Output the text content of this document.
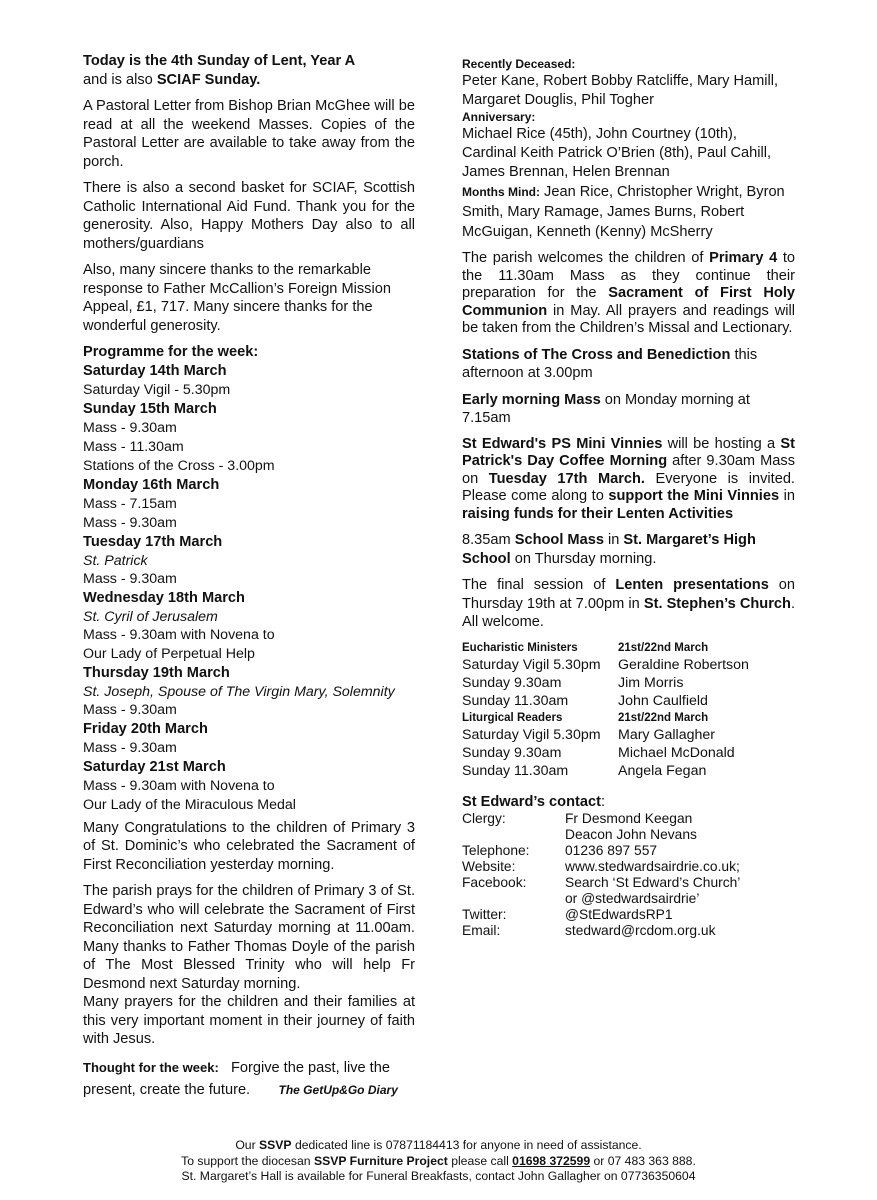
Today is the 4th Sunday of Lent, Year A

and is also SCIAF Sunday.

A Pastoral Letter from Bishop Brian McGhee will be read at all the weekend Masses. Copies of the Pastoral Letter are available to take away from the porch.

There is also a second basket for SCIAF, Scottish Catholic International Aid Fund. Thank you for the generosity. Also, Happy Mothers Day also to all mothers/guardians

Also, many sincere thanks to the remarkable response to Father McCallion’s Foreign Mission Appeal, £1, 717. Many sincere thanks for the wonderful generosity.

Programme for the week:

Saturday 14th March
Saturday Vigil - 5.30pm
Sunday 15th March
Mass - 9.30am
Mass - 11.30am
Stations of the Cross - 3.00pm
Monday 16th March
Mass - 7.15am
Mass - 9.30am
Tuesday 17th March
St. Patrick
Mass - 9.30am
Wednesday 18th March
St. Cyril of Jerusalem
Mass - 9.30am with Novena to
Our Lady of Perpetual Help
Thursday 19th March
St. Joseph, Spouse of The Virgin Mary, Solemnity
Mass - 9.30am
Friday 20th March
Mass - 9.30am
Saturday 21st March
Mass - 9.30am with Novena to
Our Lady of the Miraculous Medal

Many Congratulations to the children of Primary 3 of St. Dominic’s who celebrated the Sacrament of First Reconciliation yesterday morning.

The parish prays for the children of Primary 3 of St. Edward’s who will celebrate the Sacrament of First Reconciliation next Saturday morning at 11.00am. Many thanks to Father Thomas Doyle of the parish of The Most Blessed Trinity who will help Fr Desmond next Saturday morning.

Many prayers for the children and their families at this very important moment in their journey of faith with Jesus.

Thought for the week: Forgive the past, live the
present, create the future. The GetUp&Go Diary

Recently Deceased:

Peter Kane, Robert Bobby Ratcliffe, Mary Hamill, Margaret Douglis, Phil Togher

Anniversary:

Michael Rice (45th), John Courtney (10th), Cardinal Keith Patrick O’Brien (8th), Paul Cahill, James Brennan, Helen Brennan

Months Mind: Jean Rice, Christopher Wright, Byron Smith, Mary Ramage, James Burns, Robert McGuigan, Kenneth (Kenny) McSherry

The parish welcomes the children of Primary 4 to the 11.30am Mass as they continue their preparation for the Sacrament of First Holy Communion in May. All prayers and readings will be taken from the Children’s Missal and Lectionary.

Stations of The Cross and Benediction this afternoon at 3.00pm

Early morning Mass on Monday morning at 7.15am

St Edward's PS Mini Vinnies will be hosting a St Patrick's Day Coffee Morning after 9.30am Mass on Tuesday 17th March. Everyone is invited. Please come along to support the Mini Vinnies in raising funds for their Lenten Activities

8.35am School Mass in St. Margaret’s High School on Thursday morning.

The final session of Lenten presentations on Thursday 19th at 7.00pm in St. Stephen’s Church. All welcome.

Eucharistic Ministers	21st/22nd March
Saturday Vigil 5.30pm	Geraldine Robertson
Sunday 9.30am	Jim Morris
Sunday 11.30am	John Caulfield
Liturgical Readers	21st/22nd March
Saturday Vigil 5.30pm	Mary Gallagher
Sunday 9.30am	Michael McDonald
Sunday 11.30am	Angela Fegan

St Edward’s contact:

Clergy:	Fr Desmond Keegan
	Deacon John Nevans
Telephone:	01236 897 557
Website:	www.stedwardsairdrie.co.uk;
Facebook:	Search ‘St Edward’s Church’
	or @stedwardsairdrie’
Twitter:	@StEdwardsRP1
Email:	stedward@rcdom.org.uk
Our SSVP dedicated line is 07871184413 for anyone in need of assistance.
To support the diocesan SSVP Furniture Project please call 01698 372599 or 07 483 363 888.
St. Margaret’s Hall is available for Funeral Breakfasts, contact John Gallagher on 07736350604
